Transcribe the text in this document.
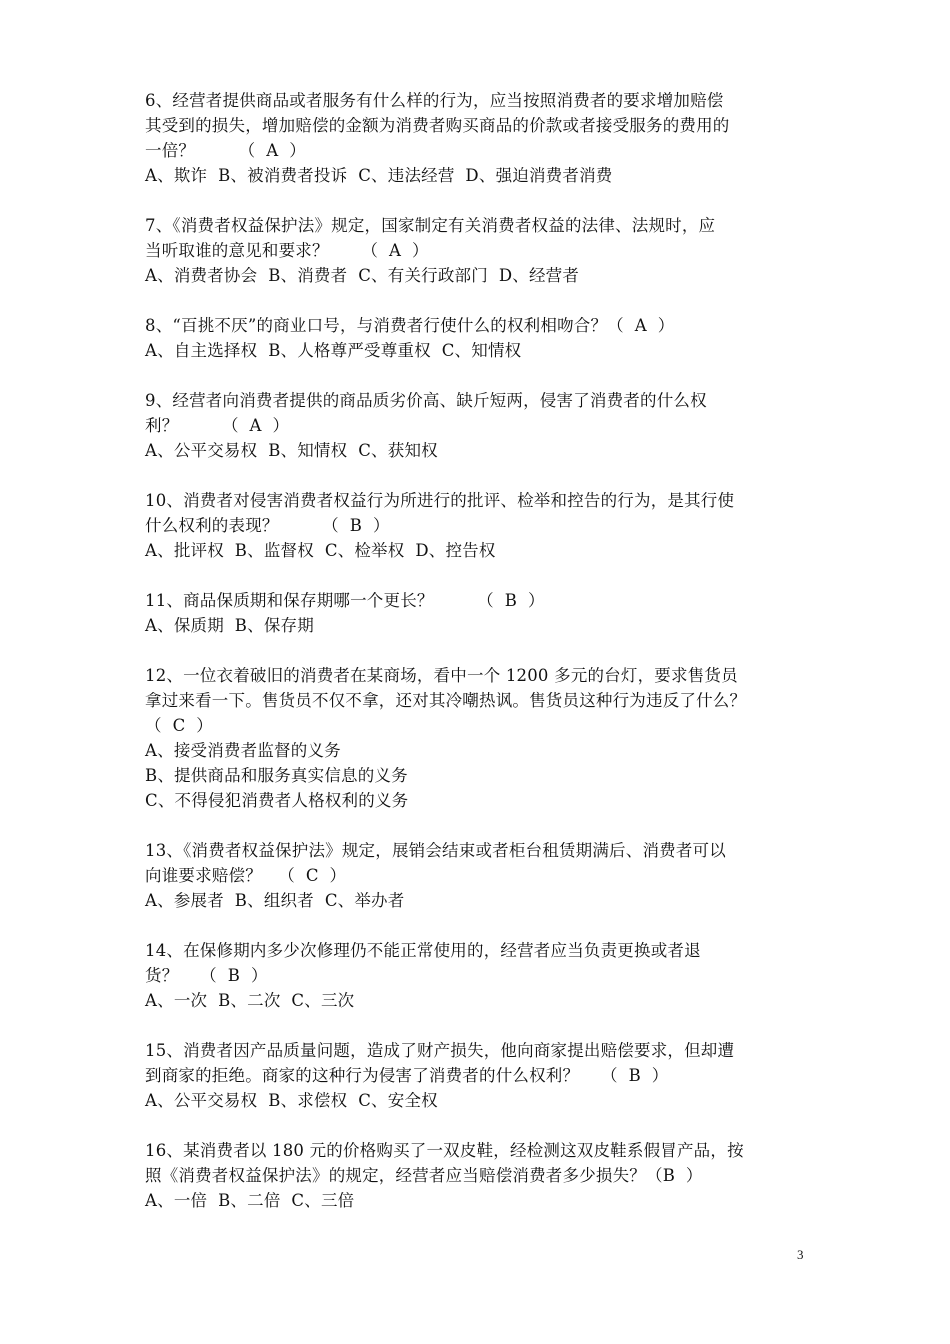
6、经营者提供商品或者服务有什么样的行为，应当按照消费者的要求增加赔偿
其受到的损失，增加赔偿的金额为消费者购买商品的价款或者接受服务的费用的
一倍？        （  A  ）
A、欺诈  B、被消费者投诉  C、违法经营  D、强迫消费者消费
7、《消费者权益保护法》规定，国家制定有关消费者权益的法律、法规时，应
当听取谁的意见和要求？      （  A  ）
A、消费者协会  B、消费者  C、有关行政部门  D、经营者
8、“百挑不厌”的商业口号，与消费者行使什么的权利相吻合？（  A  ）
A、自主选择权  B、人格尊严受尊重权  C、知情权
9、经营者向消费者提供的商品质劣价高、缺斤短两，侵害了消费者的什么权
利？        （  A  ）
A、公平交易权  B、知情权  C、获知权
10、消费者对侵害消费者权益行为所进行的批评、检举和控告的行为，是其行使
什么权利的表现？        （  B  ）
A、批评权  B、监督权  C、检举权  D、控告权
11、商品保质期和保存期哪一个更长？        （  B  ）
A、保质期  B、保存期
12、一位衣着破旧的消费者在某商场，看中一个 1200 多元的台灯，要求售货员
拿过来看一下。售货员不仅不拿，还对其冷嘲热讽。售货员这种行为违反了什么？
（  C  ）
A、接受消费者监督的义务
B、提供商品和服务真实信息的义务
C、不得侵犯消费者人格权利的义务
13、《消费者权益保护法》规定，展销会结束或者柜台租赁期满后、消费者可以
向谁要求赔偿？   （  C  ）
A、参展者  B、组织者  C、举办者
14、在保修期内多少次修理仍不能正常使用的，经营者应当负责更换或者退
货？    （  B  ）
A、一次  B、二次  C、三次
15、消费者因产品质量问题，造成了财产损失，他向商家提出赔偿要求，但却遭
到商家的拒绝。商家的这种行为侵害了消费者的什么权利？    （  B  ）
A、公平交易权  B、求偿权  C、安全权
16、某消费者以 180 元的价格购买了一双皮鞋，经检测这双皮鞋系假冒产品，按
照《消费者权益保护法》的规定，经营者应当赔偿消费者多少损失？（B  ）
A、一倍  B、二倍  C、三倍
3
